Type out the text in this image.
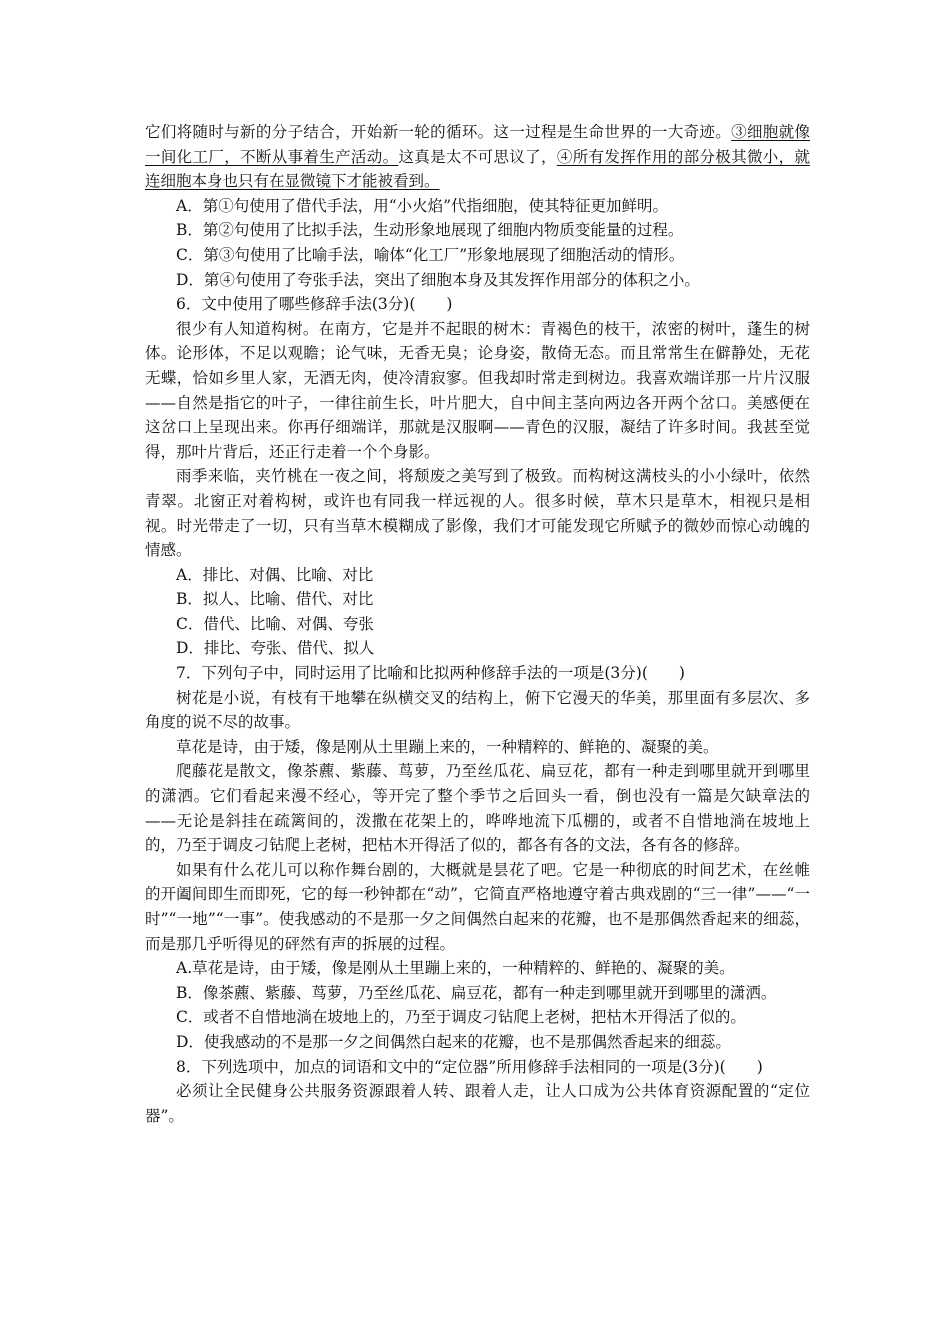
它们将随时与新的分子结合，开始新一轮的循环。这一过程是生命世界的一大奇迹。③细胞就像一间化工厂，不断从事着生产活动。这真是太不可思议了，④所有发挥作用的部分极其微小，就连细胞本身也只有在显微镜下才能被看到。

A．第①句使用了借代手法，用“小火焰”代指细胞，使其特征更加鲜明。

B．第②句使用了比拟手法，生动形象地展现了细胞内物质变能量的过程。

C．第③句使用了比喻手法，喻体“化工厂”形象地展现了细胞活动的情形。

D．第④句使用了夸张手法，突出了细胞本身及其发挥作用部分的体积之小。

6．文中使用了哪些修辞手法(3分)(　　)

很少有人知道构树。在南方，它是并不起眼的树木：青褐色的枝干，浓密的树叶，蓬生的树体。论形体，不足以观瞻；论气味，无香无臭；论身姿，散倚无态。而且常常生在僻静处，无花无蝶，恰如乡里人家，无酒无肉，使冷清寂寥。但我却时常走到树边。我喜欢端详那一片片汉服——自然是指它的叶子，一律往前生长，叶片肥大，自中间主茎向两边各开两个岔口。美感便在这岔口上呈现出来。你再仔细端详，那就是汉服啊——青色的汉服，凝结了许多时间。我甚至觉得，那叶片背后，还正行走着一个个身影。

雨季来临，夹竹桃在一夜之间，将颓废之美写到了极致。而构树这满枝头的小小绿叶，依然青翠。北窗正对着构树，或许也有同我一样远视的人。很多时候，草木只是草木，相视只是相视。时光带走了一切，只有当草木模糊成了影像，我们才可能发现它所赋予的微妙而惊心动魄的情感。

A．排比、对偶、比喻、对比

B．拟人、比喻、借代、对比

C．借代、比喻、对偶、夸张

D．排比、夸张、借代、拟人

7．下列句子中，同时运用了比喻和比拟两种修辞手法的一项是(3分)(　　)

树花是小说，有枝有干地攀在纵横交叉的结构上，俯下它漫天的华美，那里面有多层次、多角度的说不尽的故事。

草花是诗，由于矮，像是刚从土里蹦上来的，一种精粹的、鲜艳的、凝聚的美。

爬藤花是散文，像茶藨、紫藤、茑萝，乃至丝瓜花、扁豆花，都有一种走到哪里就开到哪里的潇洒。它们看起来漫不经心，等开完了整个季节之后回头一看，倒也没有一篇是欠缺章法的——无论是斜挂在疏篱间的，泼撒在花架上的，哗哗地流下瓜棚的，或者不自惜地淌在坡地上的，乃至于调皮刁钻爬上老树，把枯木开得活了似的，都各有各的文法，各有各的修辞。

如果有什么花儿可以称作舞台剧的，大概就是昙花了吧。它是一种彻底的时间艺术，在丝帷的开阖间即生而即死，它的每一秒钟都在“动”，它简直严格地遵守着古典戏剧的“三一律”——“一时”“一地”“一事”。使我感动的不是那一夕之间偶然白起来的花瓣，也不是那偶然香起来的细蕊，而是那几乎听得见的砰然有声的拆展的过程。

A.草花是诗，由于矮，像是刚从土里蹦上来的，一种精粹的、鲜艳的、凝聚的美。

B．像茶藨、紫藤、茑萝，乃至丝瓜花、扁豆花，都有一种走到哪里就开到哪里的潇洒。

C．或者不自惜地淌在坡地上的，乃至于调皮刁钻爬上老树，把枯木开得活了似的。

D．使我感动的不是那一夕之间偶然白起来的花瓣，也不是那偶然香起来的细蕊。

8．下列选项中，加点的词语和文中的“定位器”所用修辞手法相同的一项是(3分)(　　)

必须让全民健身公共服务资源跟着人转、跟着人走，让人口成为公共体育资源配置的“定位器”。
